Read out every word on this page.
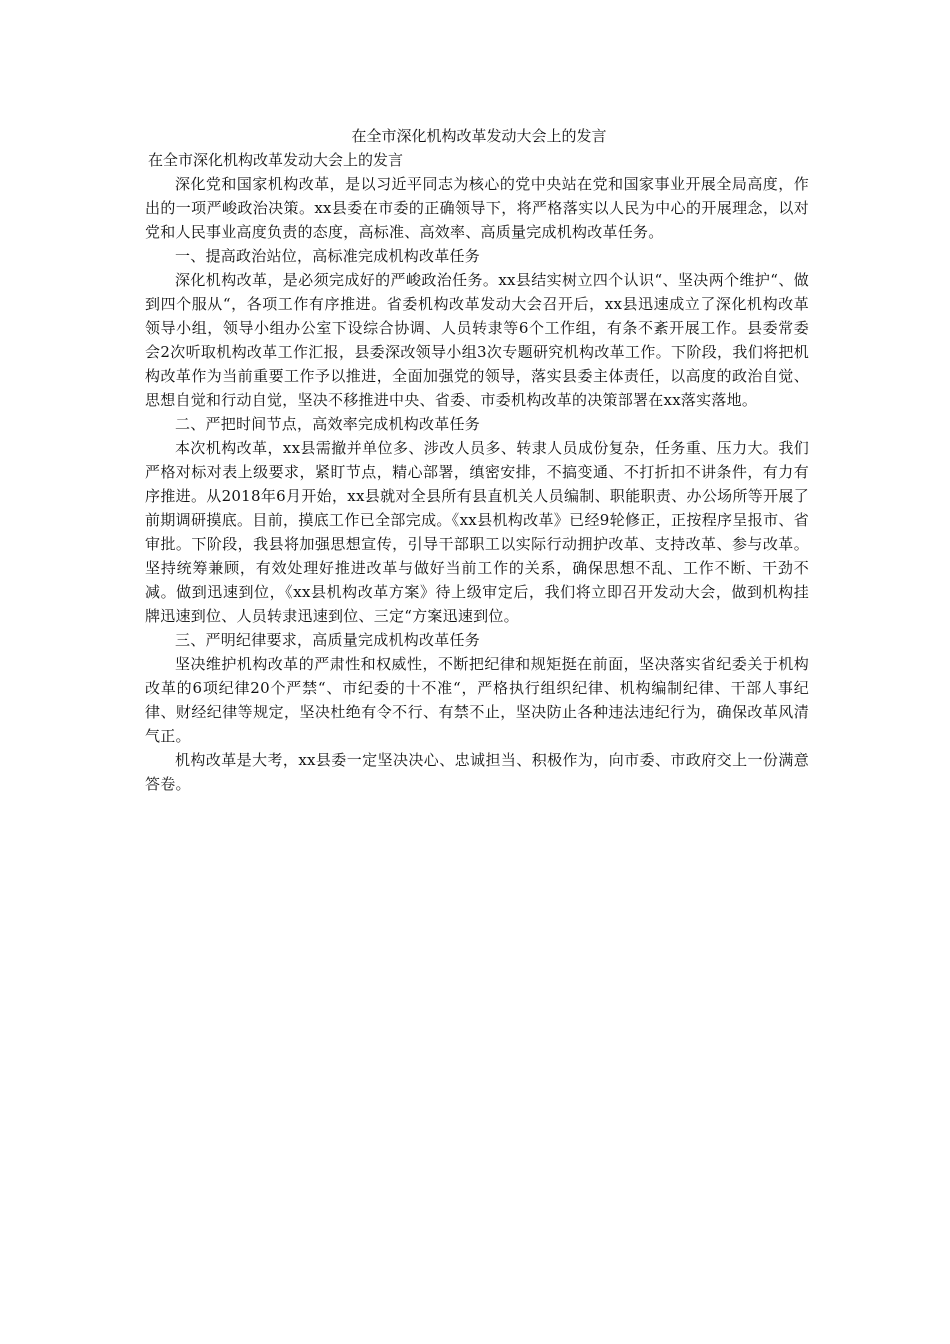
在全市深化机构改革发动大会上的发言

在全市深化机构改革发动大会上的发言

深化党和国家机构改革，是以习近平同志为核心的党中央站在党和国家事业开展全局高度，作出的一项严峻政治决策。xx县委在市委的正确领导下，将严格落实以人民为中心的开展理念，以对党和人民事业高度负责的态度，高标准、高效率、高质量完成机构改革任务。

一、提高政治站位，高标准完成机构改革任务

深化机构改革，是必须完成好的严峻政治任务。xx县结实树立四个认识“、坚决两个维护“、做到四个服从“，各项工作有序推进。省委机构改革发动大会召开后，xx县迅速成立了深化机构改革领导小组，领导小组办公室下设综合协调、人员转隶等6个工作组，有条不紊开展工作。县委常委会2次听取机构改革工作汇报，县委深改领导小组3次专题研究机构改革工作。下阶段，我们将把机构改革作为当前重要工作予以推进，全面加强党的领导，落实县委主体责任，以高度的政治自觉、思想自觉和行动自觉，坚决不移推进中央、省委、市委机构改革的决策部署在xx落实落地。

二、严把时间节点，高效率完成机构改革任务

本次机构改革，xx县需撤并单位多、涉改人员多、转隶人员成份复杂，任务重、压力大。我们严格对标对表上级要求，紧盯节点，精心部署，缜密安排，不搞变通、不打折扣不讲条件，有力有序推进。从2018年6月开始，xx县就对全县所有县直机关人员编制、职能职责、办公场所等开展了前期调研摸底。目前，摸底工作已全部完成。《xx县机构改革》已经9轮修正，正按程序呈报市、省审批。下阶段，我县将加强思想宣传，引导干部职工以实际行动拥护改革、支持改革、参与改革。坚持统筹兼顾，有效处理好推进改革与做好当前工作的关系，确保思想不乱、工作不断、干劲不减。做到迅速到位，《xx县机构改革方案》待上级审定后，我们将立即召开发动大会，做到机构挂牌迅速到位、人员转隶迅速到位、三定“方案迅速到位。

三、严明纪律要求，高质量完成机构改革任务

坚决维护机构改革的严肃性和权威性，不断把纪律和规矩挺在前面，坚决落实省纪委关于机构改革的6项纪律20个严禁“、市纪委的十不准“，严格执行组织纪律、机构编制纪律、干部人事纪律、财经纪律等规定，坚决杜绝有令不行、有禁不止，坚决防止各种违法违纪行为，确保改革风清气正。

机构改革是大考，xx县委一定坚决决心、忠诚担当、积极作为，向市委、市政府交上一份满意答卷。
